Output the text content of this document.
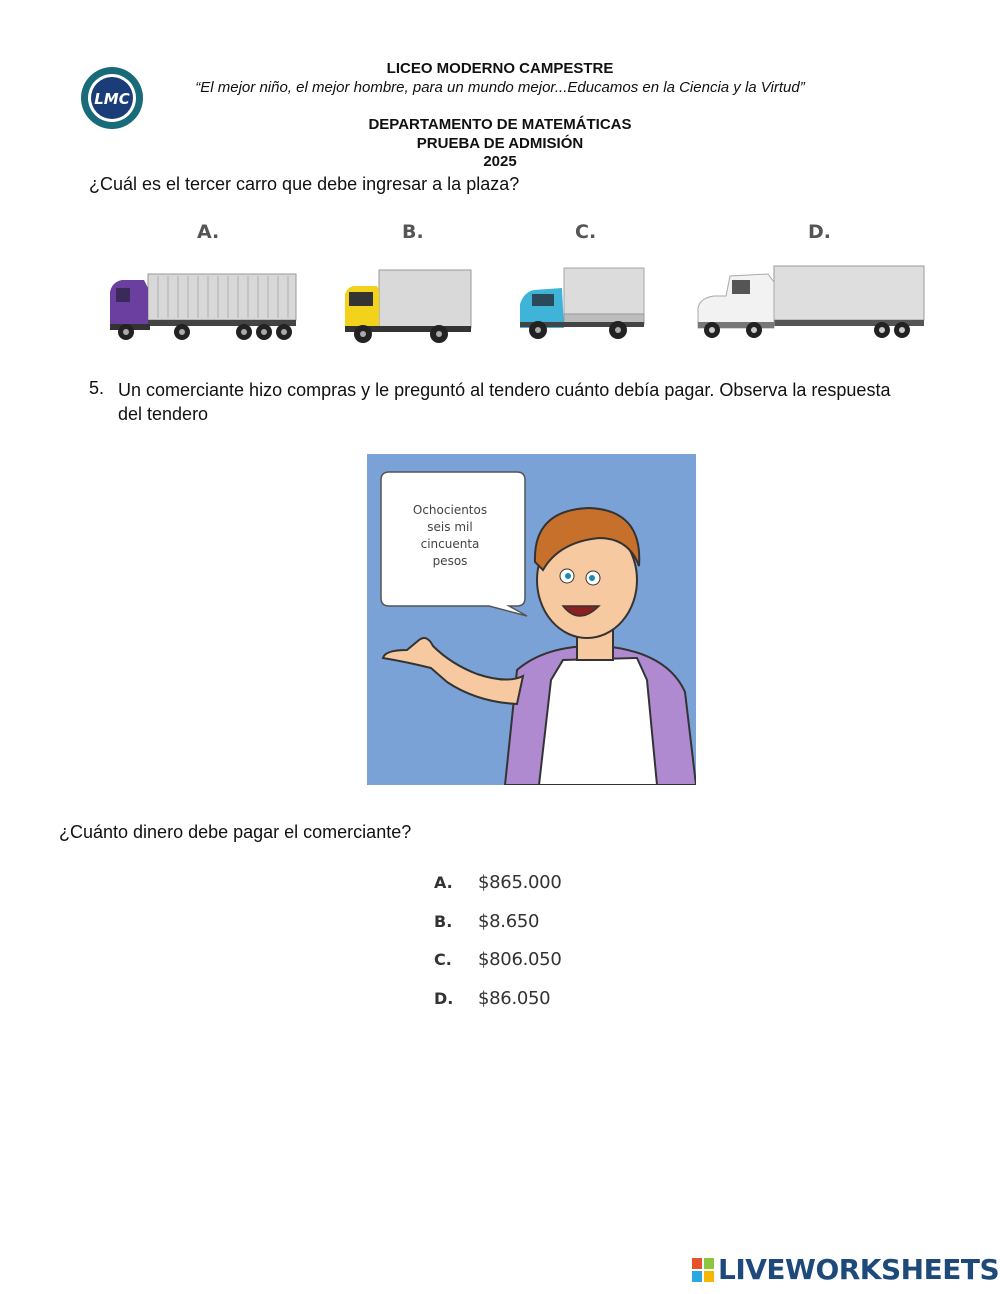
LMC
LICEO MODERNO CAMPESTRE
“El mejor niño, el mejor hombre, para un mundo mejor...Educamos en la Ciencia y la Virtud”
DEPARTAMENTO DE MATEMÁTICAS
PRUEBA DE ADMISIÓN
2025
¿Cuál es el tercer carro que debe ingresar a la plaza?
A.	B.	C.	D.
5. Un comerciante hizo compras y le preguntó al tendero cuánto debía pagar. Observa la respuesta del tendero
Ochocientos
seis mil
cincuenta
pesos
¿Cuánto dinero debe pagar el comerciante?
A. $865.000
B. $8.650
C. $806.050
D. $86.050
LIVEWORKSHEETS
